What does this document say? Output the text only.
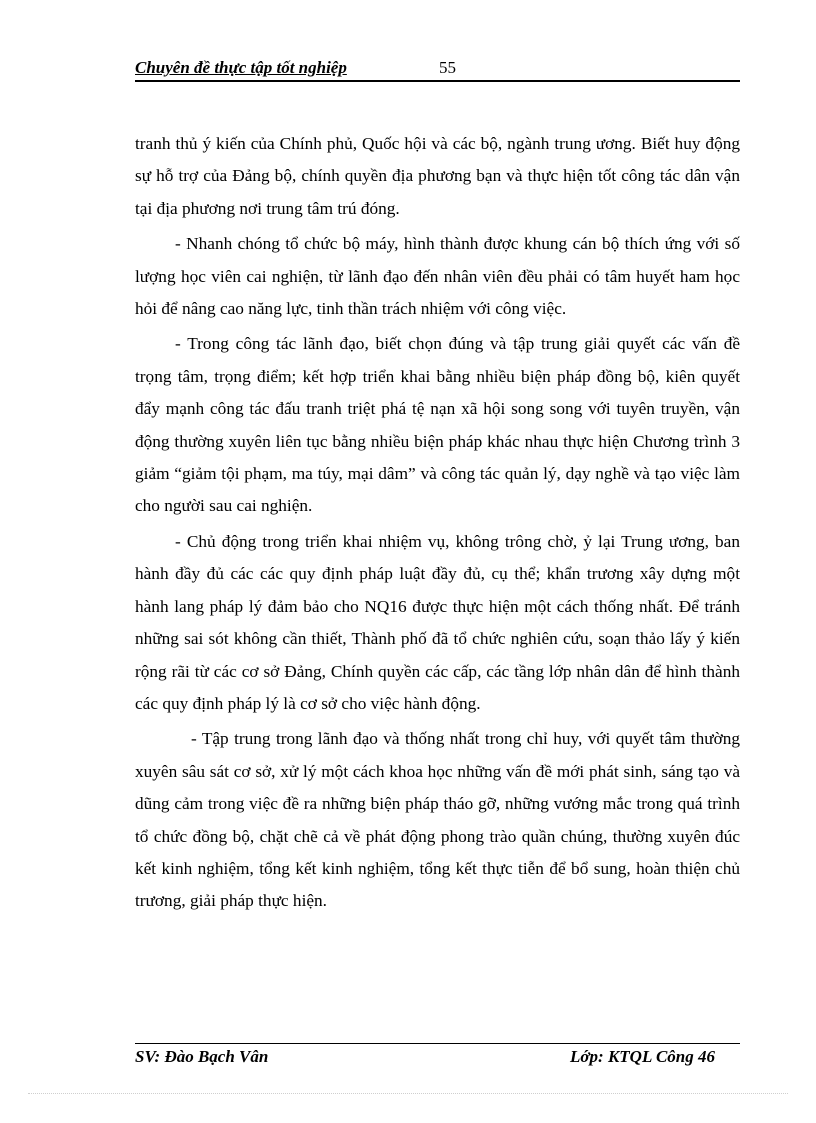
Chuyên đề thực tập tốt nghiệp	55

tranh thủ ý kiến của Chính phủ, Quốc hội và các bộ, ngành trung ương. Biết huy động sự hỗ trợ của Đảng bộ, chính quyền địa phương bạn và thực hiện tốt công tác dân vận tại địa phương nơi trung tâm trú đóng.

- Nhanh chóng tổ chức bộ máy, hình thành được khung cán bộ thích ứng với số lượng học viên cai nghiện, từ lãnh đạo đến nhân viên đều phải có tâm huyết ham học hỏi để nâng cao năng lực, tinh thần trách nhiệm với công việc.

- Trong công tác lãnh đạo, biết chọn đúng và tập trung giải quyết các vấn đề trọng tâm, trọng điểm; kết hợp triển khai bằng nhiều biện pháp đồng bộ, kiên quyết đẩy mạnh công tác đấu tranh triệt phá tệ nạn xã hội song song với tuyên truyền, vận động thường xuyên liên tục bằng nhiều biện pháp khác nhau thực hiện Chương trình 3 giảm “giảm tội phạm, ma túy, mại dâm” và công tác quản lý, dạy nghề và tạo việc làm cho người sau cai nghiện.

- Chủ động trong triển khai nhiệm vụ, không trông chờ, ỷ lại Trung ương, ban hành đầy đủ các các quy định pháp luật đầy đủ, cụ thể; khẩn trương xây dựng một hành lang pháp lý đảm bảo cho NQ16 được thực hiện một cách thống nhất. Để tránh những sai sót không cần thiết, Thành phố đã tổ chức nghiên cứu, soạn thảo lấy ý kiến rộng rãi từ các cơ sở Đảng, Chính quyền các cấp, các tầng lớp nhân dân để hình thành các quy định pháp lý là cơ sở cho việc hành động.

- Tập trung trong lãnh đạo và thống nhất trong chỉ huy, với quyết tâm thường xuyên sâu sát cơ sở, xử lý một cách khoa học những vấn đề mới phát sinh, sáng tạo và dũng cảm trong việc đề ra những biện pháp tháo gỡ, những vướng mắc trong quá trình tổ chức đồng bộ, chặt chẽ cả về phát động phong trào quần chúng, thường xuyên đúc kết kinh nghiệm, tổng kết kinh nghiệm, tổng kết thực tiễn để bổ sung, hoàn thiện chủ trương, giải pháp thực hiện.

SV: Đào Bạch Vân	Lớp: KTQL Công 46
